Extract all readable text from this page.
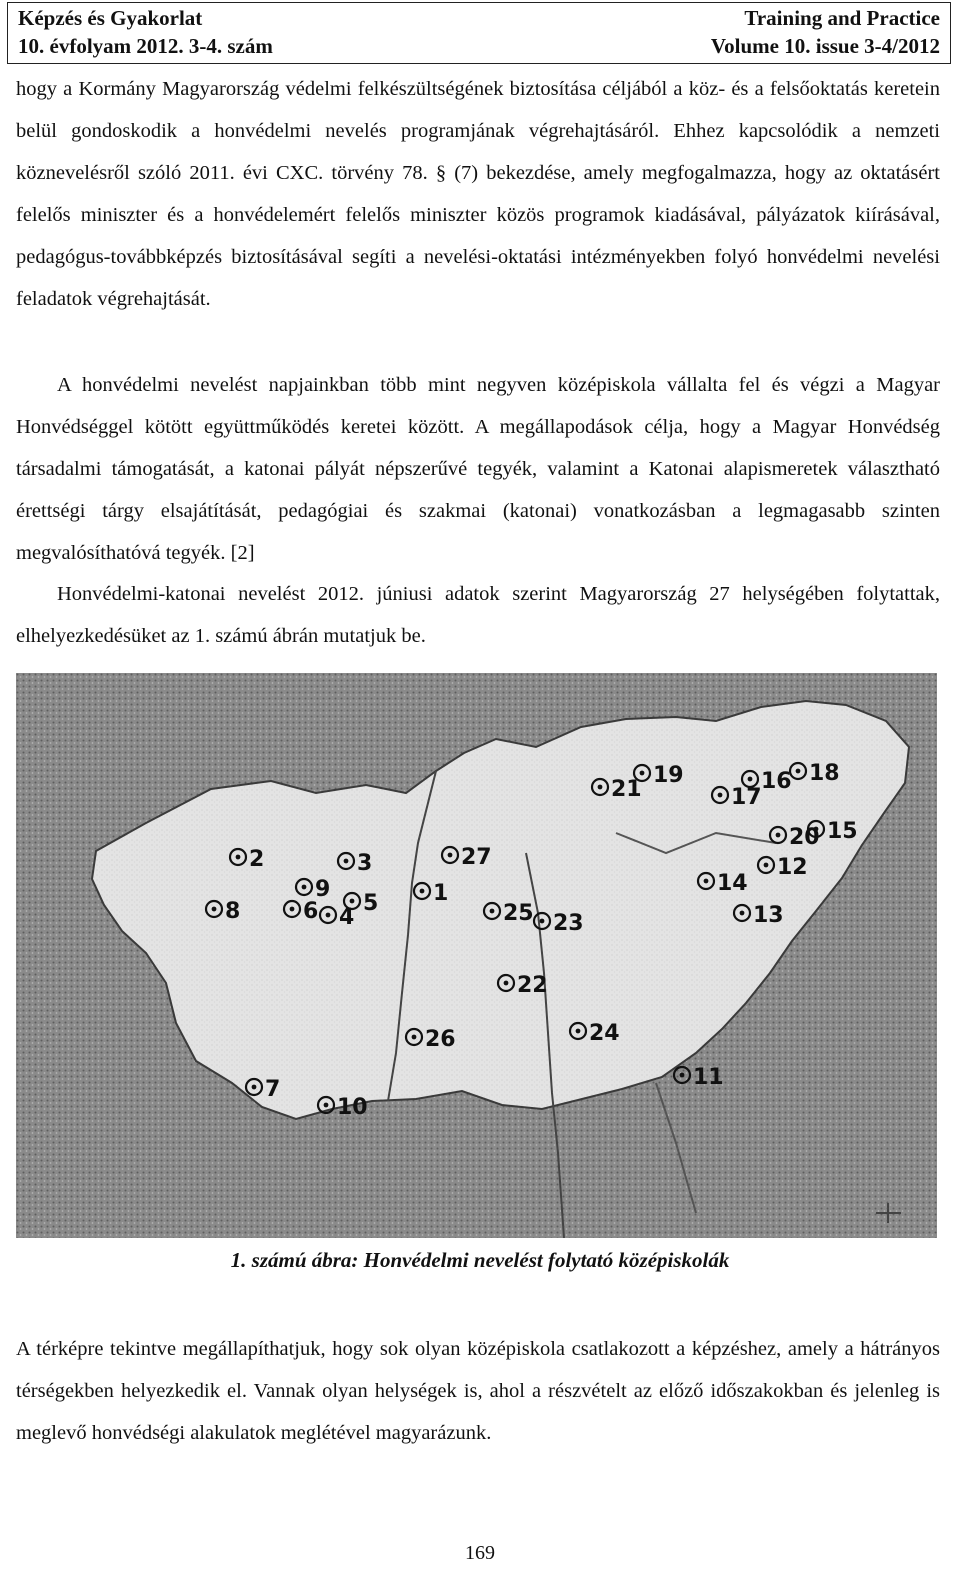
Képzés és Gyakorlat	Training and Practice
10. évfolyam 2012. 3-4. szám	Volume 10. issue 3-4/2012

hogy a Kormány Magyarország védelmi felkészültségének biztosítása céljából a köz- és a felsőoktatás keretein belül gondoskodik a honvédelmi nevelés programjának végrehajtásáról. Ehhez kapcsolódik a nemzeti köznevelésről szóló 2011. évi CXC. törvény 78. § (7) bekezdése, amely megfogalmazza, hogy az oktatásért felelős miniszter és a honvédelemért felelős miniszter közös programok kiadásával, pályázatok kiírásával, pedagógus-továbbképzés biztosításával segíti a nevelési-oktatási intézményekben folyó honvédelmi nevelési feladatok végrehajtását.

A honvédelmi nevelést napjainkban több mint negyven középiskola vállalta fel és végzi a Magyar Honvédséggel kötött együttműködés keretei között. A megállapodások célja, hogy a Magyar Honvédség társadalmi támogatását, a katonai pályát népszerűvé tegyék, valamint a Katonai alapismeretek választható érettségi tárgy elsajátítását, pedagógiai és szakmai (katonai) vonatkozásban a legmagasabb szinten megvalósíthatóvá tegyék. [2]

Honvédelmi-katonai nevelést 2012. júniusi adatok szerint Magyarország 27 helységében folytattak, elhelyezkedésüket az 1. számú ábrán mutatjuk be.

1
2	3
4
5
6
7
8
9
10
11
12
13
14
15
16
17
18
19
20
21
22
23
24
25
26
27
1. számú ábra: Honvédelmi nevelést folytató középiskolák

A térképre tekintve megállapíthatjuk, hogy sok olyan középiskola csatlakozott a képzéshez, amely a hátrányos térségekben helyezkedik el. Vannak olyan helységek is, ahol a részvételt az előző időszakokban és jelenleg is meglevő honvédségi alakulatok meglétével magyarázunk.

169
